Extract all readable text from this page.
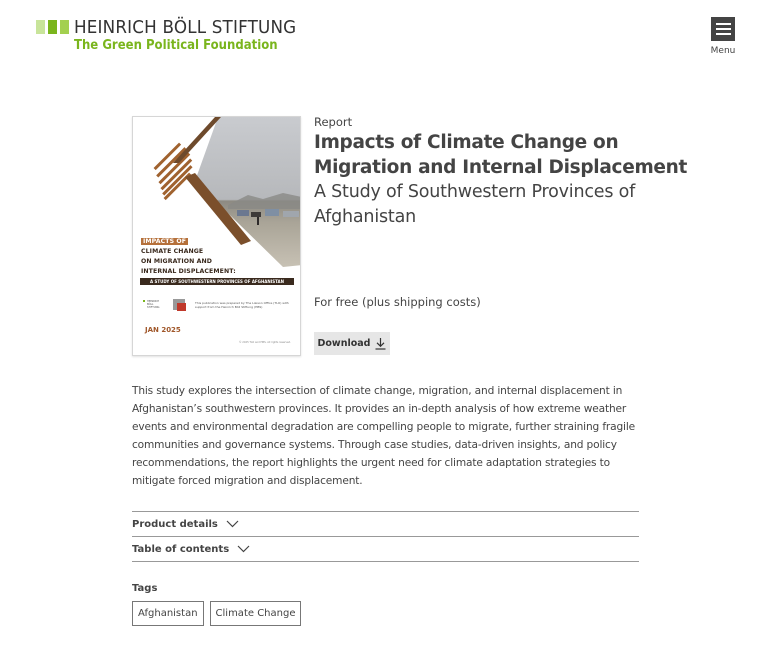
HEINRICH BÖLL STIFTUNG
The Green Political Foundation	Menu
IMPACTS OF
CLIMATE CHANGE
ON MIGRATION AND
INTERNAL DISPLACEMENT:
A STUDY OF SOUTHWESTERN PROVINCES OF AFGHANISTAN
HEINRICH BÖLL STIFTUNG
This publication was prepared by The Liaison Office (TLO) with support from the Heinrich Böll Stiftung (HBS)
JAN 2025
© 2025 TLO and HBS. All rights reserved.
Report
Impacts of Climate Change on Migration and Internal Displacement
A Study of Southwestern Provinces of Afghanistan
For free (plus shipping costs)
Download

This study explores the intersection of climate change, migration, and internal displacement in Afghanistan’s southwestern provinces. It provides an in-depth analysis of how extreme weather events and environmental degradation are compelling people to migrate, further straining fragile communities and governance systems. Through case studies, data-driven insights, and policy recommendations, the report highlights the urgent need for climate adaptation strategies to mitigate forced migration and displacement.

Product details
Table of contents
Tags
Afghanistan	Climate Change
